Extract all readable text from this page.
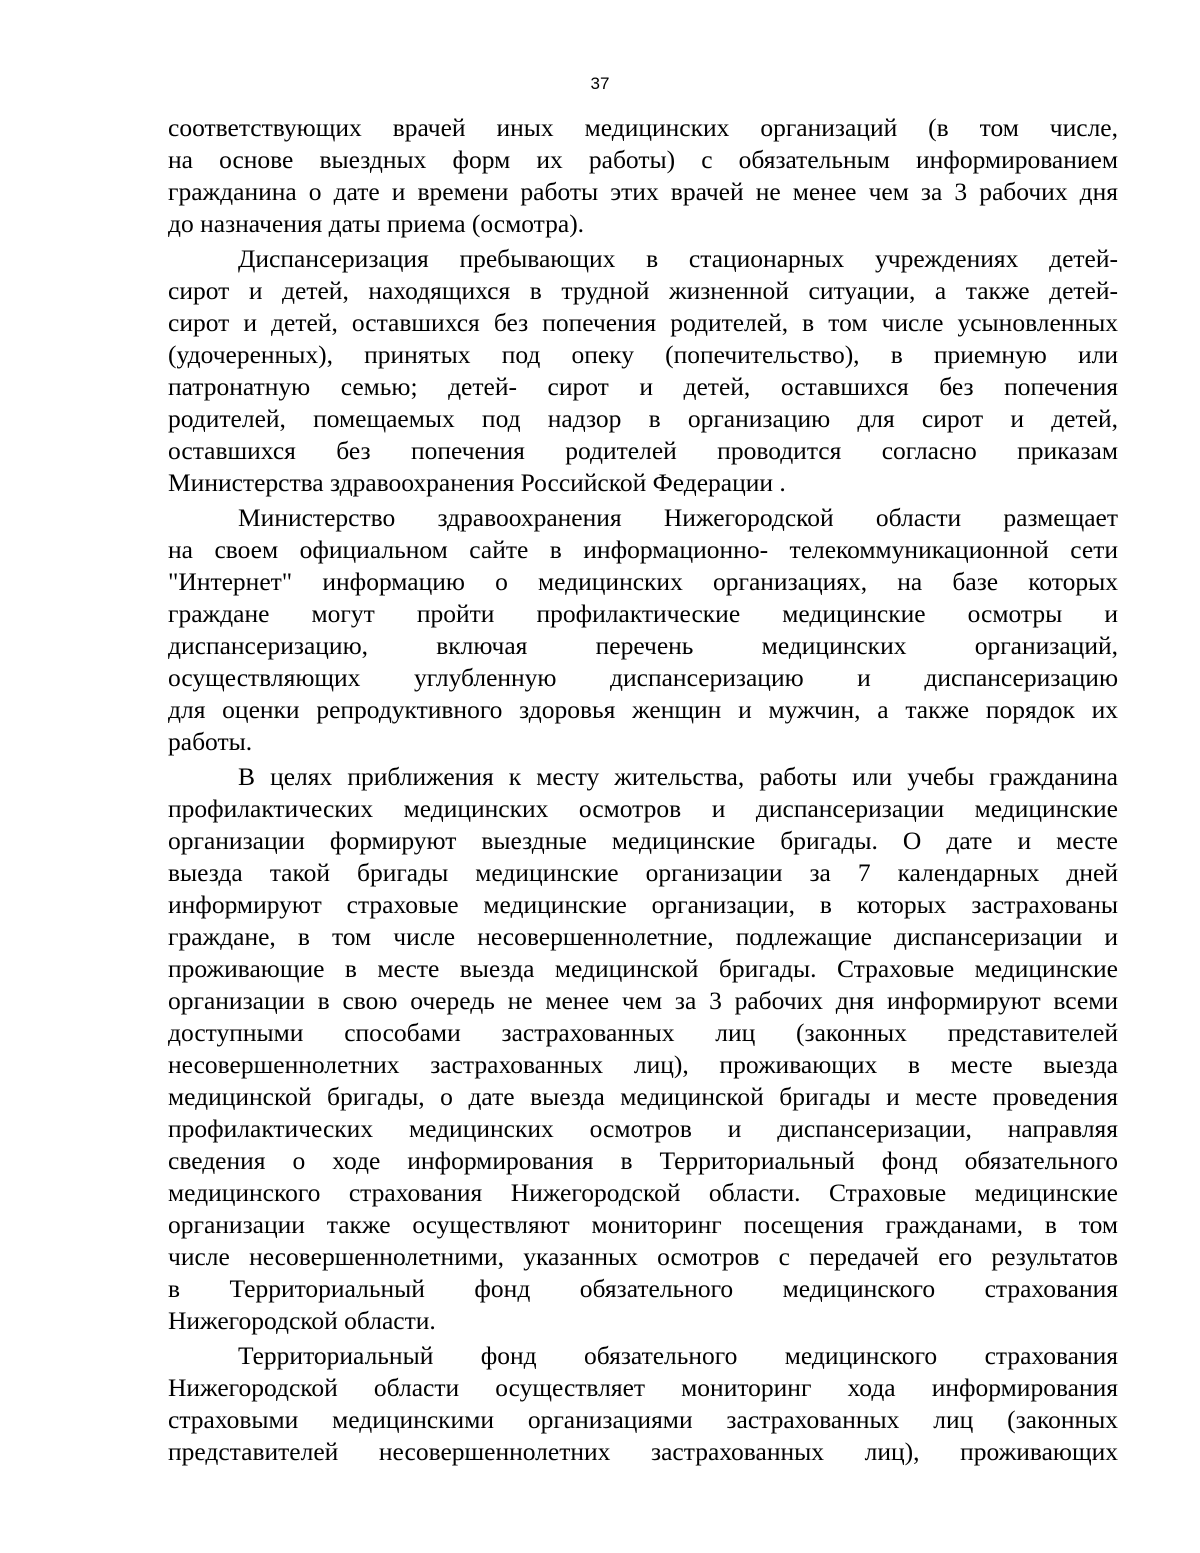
37
соответствующих врачей иных медицинских организаций (в том числе,
на основе выездных форм их работы) с обязательным информированием
гражданина о дате и времени работы этих врачей не менее чем за 3 рабочих дня
до назначения даты приема (осмотра).
Диспансеризация пребывающих в стационарных учреждениях детей-
сирот и детей, находящихся в трудной жизненной ситуации, а также детей-
сирот и детей, оставшихся без попечения родителей, в том числе усыновленных
(удочеренных), принятых под опеку (попечительство), в приемную или
патронатную семью; детей- сирот и детей, оставшихся без попечения
родителей, помещаемых под надзор в организацию для сирот и детей,
оставшихся без попечения родителей проводится согласно приказам
Министерства здравоохранения Российской Федерации .
Министерство здравоохранения Нижегородской области размещает
на своем официальном сайте в информационно- телекоммуникационной сети
"Интернет" информацию о медицинских организациях, на базе которых
граждане могут пройти профилактические медицинские осмотры и
диспансеризацию, включая перечень медицинских организаций,
осуществляющих углубленную диспансеризацию и диспансеризацию
для оценки репродуктивного здоровья женщин и мужчин, а также порядок их
работы.
В целях приближения к месту жительства, работы или учебы гражданина
профилактических медицинских осмотров и диспансеризации медицинские
организации формируют выездные медицинские бригады. О дате и месте
выезда такой бригады медицинские организации за 7 календарных дней
информируют страховые медицинские организации, в которых застрахованы
граждане, в том числе несовершеннолетние, подлежащие диспансеризации и
проживающие в месте выезда медицинской бригады. Страховые медицинские
организации в свою очередь не менее чем за 3 рабочих дня информируют всеми
доступными способами застрахованных лиц (законных представителей
несовершеннолетних застрахованных лиц), проживающих в месте выезда
медицинской бригады, о дате выезда медицинской бригады и месте проведения
профилактических медицинских осмотров и диспансеризации, направляя
сведения о ходе информирования в Территориальный фонд обязательного
медицинского страхования Нижегородской области. Страховые медицинские
организации также осуществляют мониторинг посещения гражданами, в том
числе несовершеннолетними, указанных осмотров с передачей его результатов
в Территориальный фонд обязательного медицинского страхования
Нижегородской области.
Территориальный фонд обязательного медицинского страхования
Нижегородской области осуществляет мониторинг хода информирования
страховыми медицинскими организациями застрахованных лиц (законных
представителей несовершеннолетних застрахованных лиц), проживающих
